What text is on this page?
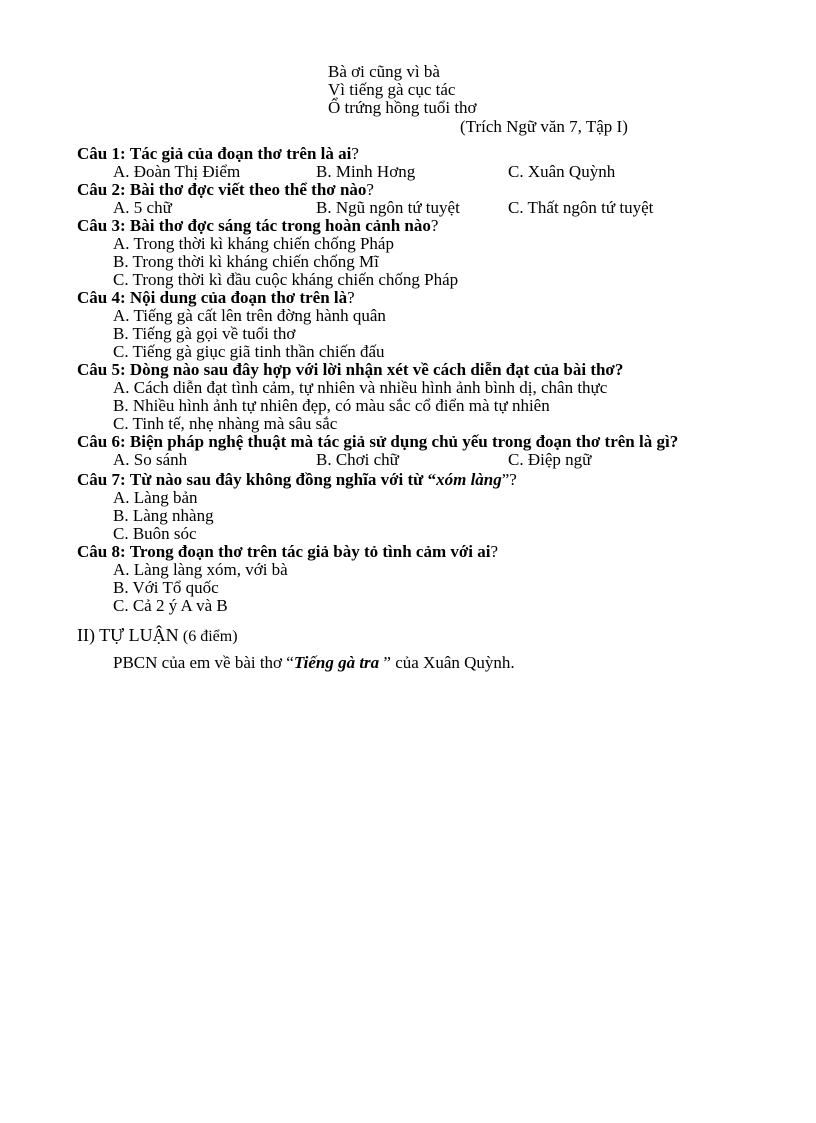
Bà ơi cũng vì bà
Vì tiếng gà cục tác
Ổ trứng hồng tuổi thơ
(Trích Ngữ văn 7, Tập I)
Câu 1: Tác giả của đoạn thơ trên là ai?
A. Đoàn Thị Điểm	B. Minh Hơng	C. Xuân Quỳnh
Câu 2: Bài thơ đợc viết theo thể thơ nào?
A. 5 chữ	B. Ngũ ngôn tứ tuyệt	C. Thất ngôn tứ tuyệt
Câu 3: Bài thơ đợc sáng tác trong hoàn cảnh nào?
A. Trong thời kì kháng chiến chống Pháp
B. Trong thời kì kháng chiến chống Mĩ
C. Trong thời kì đầu cuộc kháng chiến chống Pháp
Câu 4: Nội dung của đoạn thơ trên là?
A. Tiếng gà cất lên trên đờng hành quân
B. Tiếng gà gọi về tuổi thơ
C. Tiếng gà giục giã tinh thần chiến đấu
Câu 5: Dòng nào sau đây hợp với lời nhận xét về cách diễn đạt của bài thơ?
A. Cách diễn đạt tình cảm, tự nhiên và nhiều hình ảnh bình dị, chân thực
B. Nhiều hình ảnh tự nhiên đẹp, có màu sắc cổ điển mà tự nhiên
C. Tinh tế, nhẹ nhàng mà sâu sắc
Câu 6: Biện pháp nghệ thuật mà tác giả sử dụng chủ yếu trong đoạn thơ trên là gì?
A. So sánh	B. Chơi chữ	C. Điệp ngữ
Câu 7: Từ nào sau đây không đồng nghĩa với từ “xóm làng”?
A. Làng bản
B. Làng nhàng
C. Buôn sóc
Câu 8: Trong đoạn thơ trên tác giả bày tỏ tình cảm với ai?
A. Làng làng xóm, với bà
B. Với Tổ quốc
C. Cả 2 ý A và B
II) TỰ LUẬN (6 điểm)
PBCN của em về bài thơ “Tiếng gà tra ” của Xuân Quỳnh.
